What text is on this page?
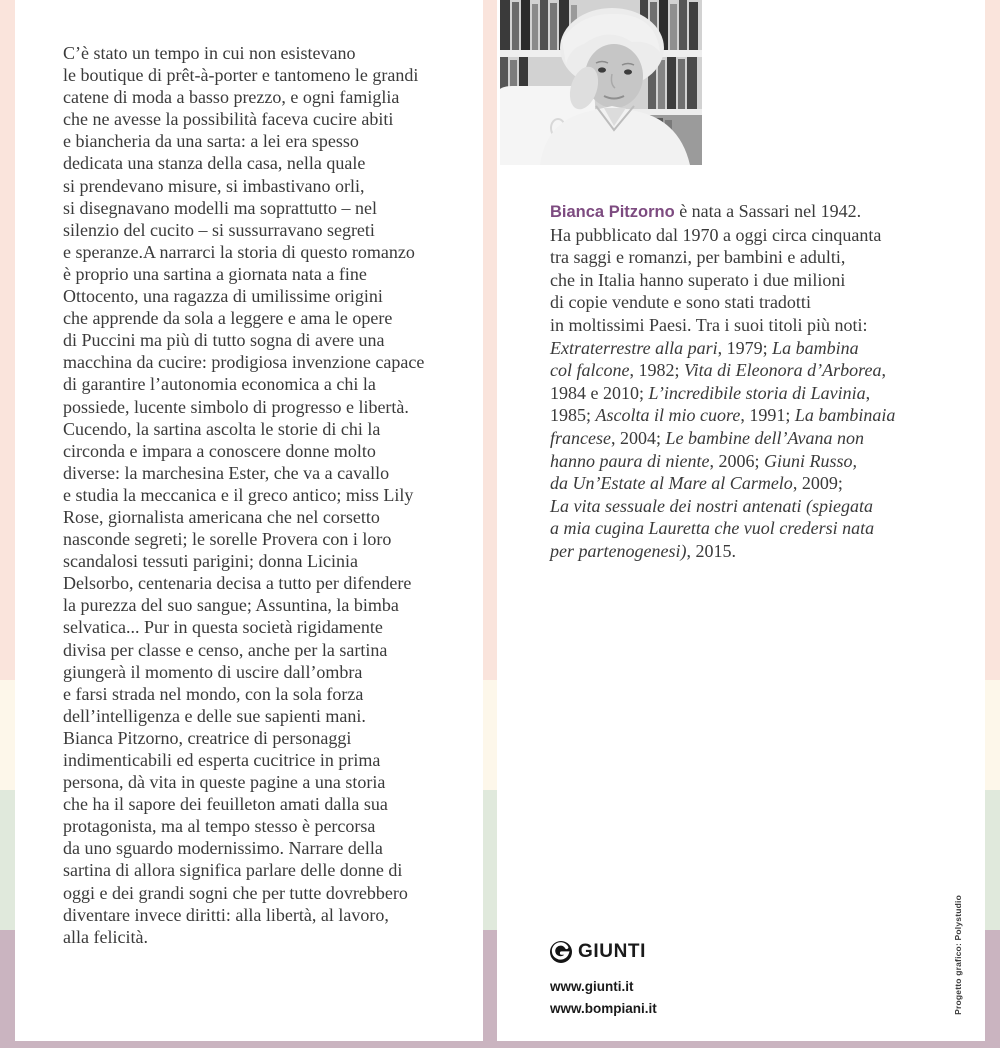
C’è stato un tempo in cui non esistevano
le boutique di prêt-à-porter e tantomeno le grandi
catene di moda a basso prezzo, e ogni famiglia
che ne avesse la possibilità faceva cucire abiti
e biancheria da una sarta: a lei era spesso
dedicata una stanza della casa, nella quale
si prendevano misure, si imbastivano orli,
si disegnavano modelli ma soprattutto – nel
silenzio del cucito – si sussurravano segreti
e speranze.A narrarci la storia di questo romanzo
è proprio una sartina a giornata nata a fine
Ottocento, una ragazza di umilissime origini
che apprende da sola a leggere e ama le opere
di Puccini ma più di tutto sogna di avere una
macchina da cucire: prodigiosa invenzione capace
di garantire l’autonomia economica a chi la
possiede, lucente simbolo di progresso e libertà.
Cucendo, la sartina ascolta le storie di chi la
circonda e impara a conoscere donne molto
diverse: la marchesina Ester, che va a cavallo
e studia la meccanica e il greco antico; miss Lily
Rose, giornalista americana che nel corsetto
nasconde segreti; le sorelle Provera con i loro
scandalosi tessuti parigini; donna Licinia
Delsorbo, centenaria decisa a tutto per difendere
la purezza del suo sangue; Assuntina, la bimba
selvatica... Pur in questa società rigidamente
divisa per classe e censo, anche per la sartina
giungerà il momento di uscire dall’ombra
e farsi strada nel mondo, con la sola forza
dell’intelligenza e delle sue sapienti mani.
Bianca Pitzorno, creatrice di personaggi
indimenticabili ed esperta cucitrice in prima
persona, dà vita in queste pagine a una storia
che ha il sapore dei feuilleton amati dalla sua
protagonista, ma al tempo stesso è percorsa
da uno sguardo modernissimo. Narrare della
sartina di allora significa parlare delle donne di
oggi e dei grandi sogni che per tutte dovrebbero
diventare invece diritti: alla libertà, al lavoro,
alla felicità.
Bianca Pitzorno è nata a Sassari nel 1942.
Ha pubblicato dal 1970 a oggi circa cinquanta
tra saggi e romanzi, per bambini e adulti,
che in Italia hanno superato i due milioni
di copie vendute e sono stati tradotti
in moltissimi Paesi. Tra i suoi titoli più noti:
Extraterrestre alla pari, 1979; La bambina
col falcone, 1982; Vita di Eleonora d’Arborea,
1984 e 2010; L’incredibile storia di Lavinia,
1985; Ascolta il mio cuore, 1991; La bambinaia
francese, 2004; Le bambine dell’Avana non
hanno paura di niente, 2006; Giuni Russo,
da Un’Estate al Mare al Carmelo, 2009;
La vita sessuale dei nostri antenati (spiegata
a mia cugina Lauretta che vuol credersi nata
per partenogenesi), 2015.
GIUNTI
www.giunti.it
www.bompiani.it	Progetto grafico: Polystudio
